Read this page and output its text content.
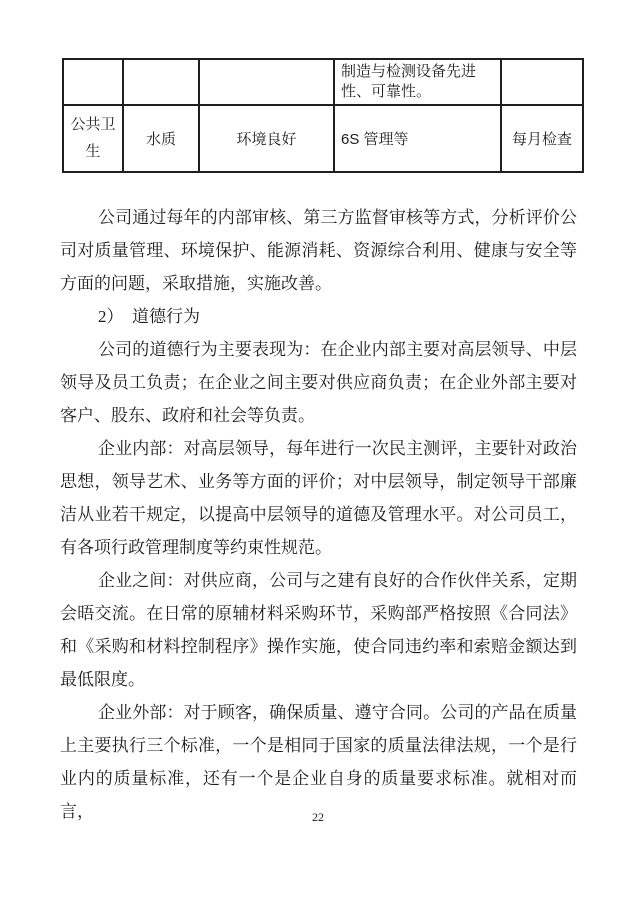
			制造与检测设备先进性、可靠性。	
公共卫生	水质	环境良好	6S 管理等	每月检查

公司通过每年的内部审核、第三方监督审核等方式，分析评价公司对质量管理、环境保护、能源消耗、资源综合利用、健康与安全等方面的问题，采取措施，实施改善。

2）　道德行为

公司的道德行为主要表现为：在企业内部主要对高层领导、中层领导及员工负责；在企业之间主要对供应商负责；在企业外部主要对客户、股东、政府和社会等负责。

企业内部：对高层领导，每年进行一次民主测评，主要针对政治思想，领导艺术、业务等方面的评价；对中层领导，制定领导干部廉洁从业若干规定，以提高中层领导的道德及管理水平。对公司员工，有各项行政管理制度等约束性规范。

企业之间：对供应商，公司与之建有良好的合作伙伴关系，定期会晤交流。在日常的原辅材料采购环节，采购部严格按照《合同法》和《采购和材料控制程序》操作实施，使合同违约率和索赔金额达到最低限度。

企业外部：对于顾客，确保质量、遵守合同。公司的产品在质量上主要执行三个标准，一个是相同于国家的质量法律法规，一个是行业内的质量标准，还有一个是企业自身的质量要求标准。就相对而言，	22
